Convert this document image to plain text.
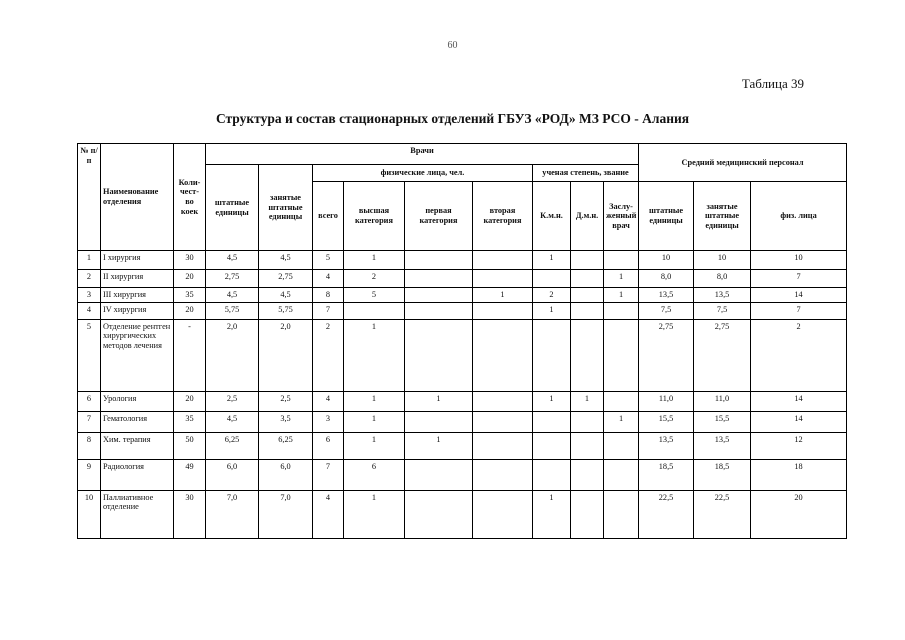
60
Таблица 39
Структура и состав стационарных отделений ГБУЗ «РОД» МЗ РСО - Алания
№ п/п	Наименование отделения	Коли-чест-во коек	Врачи									Средний медицинский персонал		
			штатные единицы	занятые штатные единицы	физические лица, чел.				ученая степень, звание					
					всего	высшая категория	первая категория	вторая категория	К.м.н.	Д.м.н.	Заслу-женный врач	штатные единицы	занятые штатные единицы	физ. лица
1	I хирургия	30	4,5	4,5	5	1			1			10	10	10
2	II хирургия	20	2,75	2,75	4	2					1	8,0	8,0	7
3	III хирургия	35	4,5	4,5	8	5		1	2		1	13,5	13,5	14
4	IV хирургия	20	5,75	5,75	7				1			7,5	7,5	7
5	Отделение рентген хирургических методов лечения	-	2,0	2,0	2	1						2,75	2,75	2
6	Урология	20	2,5	2,5	4	1	1		1	1		11,0	11,0	14
7	Гематология	35	4,5	3,5	3	1					1	15,5	15,5	14
8	Хим. терапия	50	6,25	6,25	6	1	1					13,5	13,5	12
9	Радиология	49	6,0	6,0	7	6						18,5	18,5	18
10	Паллиативное отделение	30	7,0	7,0	4	1			1			22,5	22,5	20
